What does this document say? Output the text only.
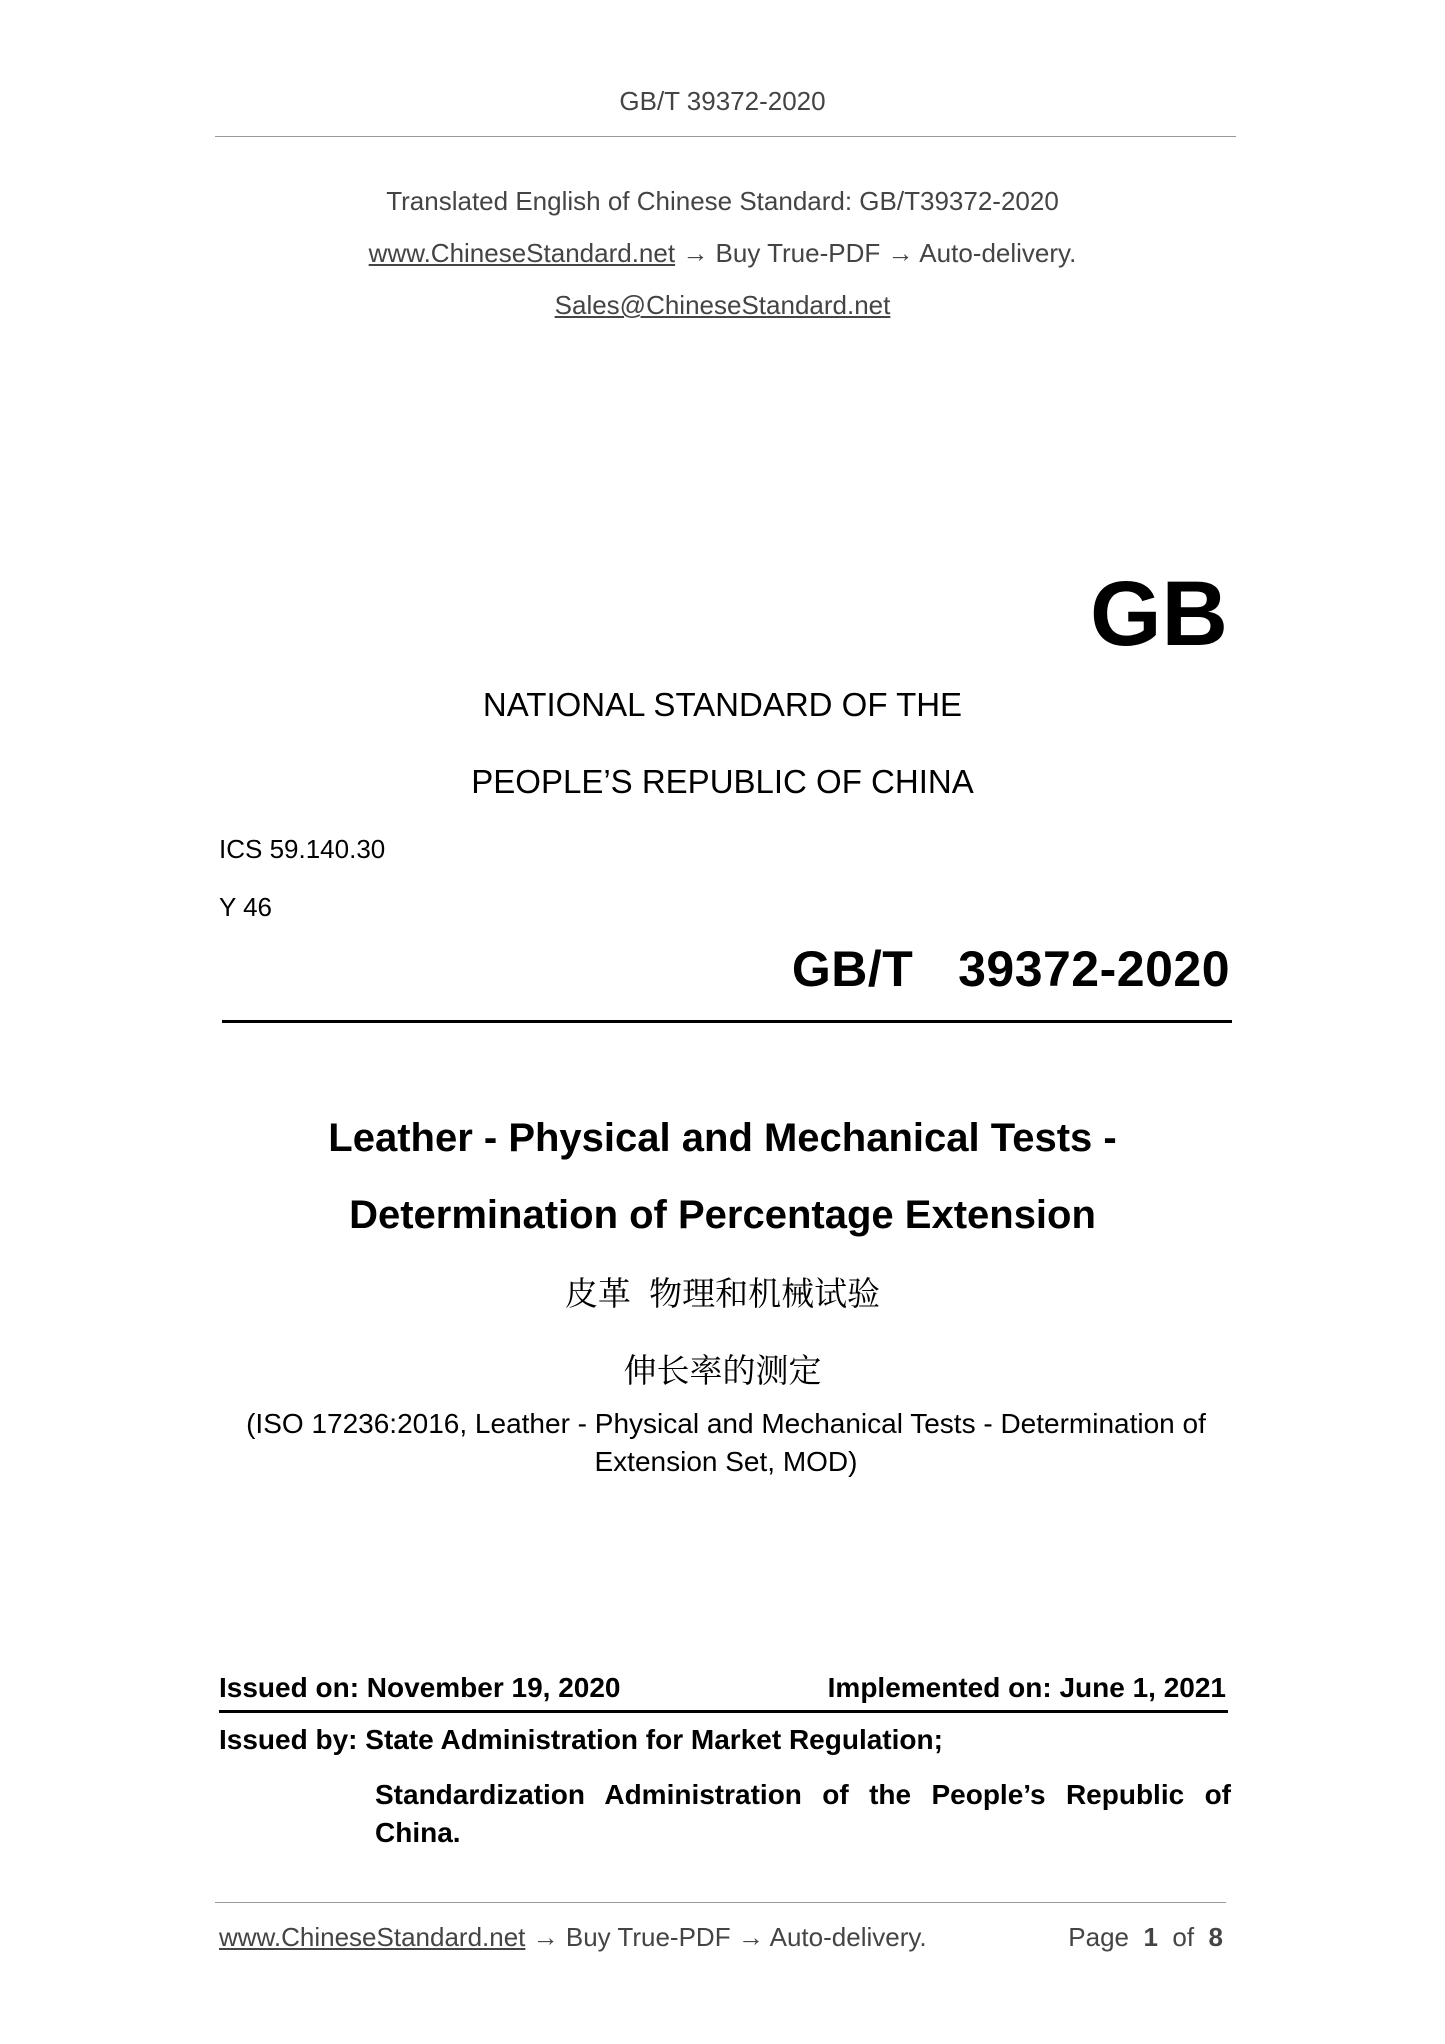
GB/T 39372-2020
Translated English of Chinese Standard: GB/T39372-2020
www.ChineseStandard.net → Buy True-PDF → Auto-delivery.
Sales@ChineseStandard.net
GB
NATIONAL STANDARD OF THE
PEOPLE’S REPUBLIC OF CHINA
ICS 59.140.30
Y 46
GB/T  39372-2020
Leather - Physical and Mechanical Tests -
Determination of Percentage Extension
皮革  物理和机械试验
伸长率的测定
(ISO 17236:2016, Leather - Physical and Mechanical Tests - Determination of Extension Set, MOD)
Issued on: November 19, 2020	Implemented on: June 1, 2021
Issued by: State Administration for Market Regulation;
Standardization Administration of the People’s Republic of China.
www.ChineseStandard.net → Buy True-PDF → Auto-delivery.	Page 1 of 8
